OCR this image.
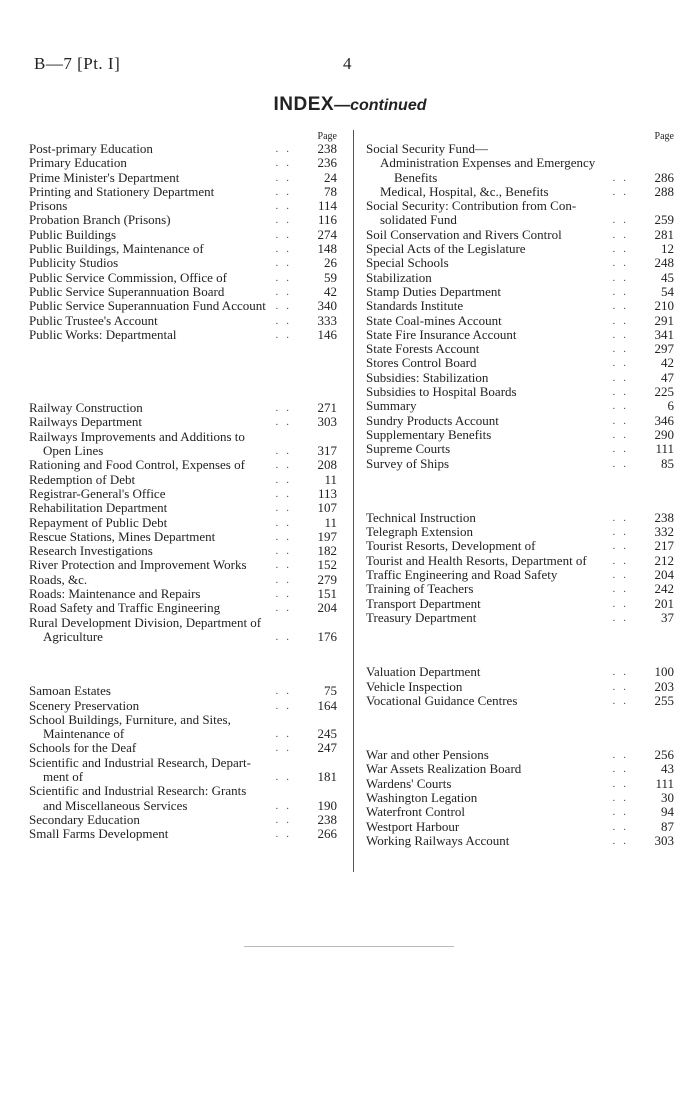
B—7 [Pt. I]	4
INDEX—continued
Page
Post-primary Education	..	238
Primary Education	..	236
Prime Minister's Department	..	24
Printing and Stationery Department	..	78
Prisons	..	114
Probation Branch (Prisons)	..	116
Public Buildings	..	274
Public Buildings, Maintenance of	..	148
Publicity Studios	..	26
Public Service Commission, Office of	..	59
Public Service Superannuation Board	..	42
Public Service Superannuation Fund Account ..	340
Public Trustee's Account	..	333
Public Works: Departmental	..	146
Railway Construction	..	271
Railways Department	..	303
Railways Improvements and Additions to
Open Lines	..	317
Rationing and Food Control, Expenses of	..	208
Redemption of Debt	..	11
Registrar-General's Office	..	113
Rehabilitation Department	..	107
Repayment of Public Debt	..	11
Rescue Stations, Mines Department	..	197
Research Investigations	..	182
River Protection and Improvement Works	..	152
Roads, &c.	..	279
Roads: Maintenance and Repairs	..	151
Road Safety and Traffic Engineering	..	204
Rural Development Division, Department of
Agriculture	..	176
Samoan Estates	..	75
Scenery Preservation	..	164
School Buildings, Furniture, and Sites,
Maintenance of	..	245
Schools for the Deaf	..	247
Scientific and Industrial Research, Depart-
ment of	..	181
Scientific and Industrial Research: Grants
and Miscellaneous Services	..	190
Secondary Education	..	238
Small Farms Development	..	266
Page
Social Security Fund—
Administration Expenses and Emergency
Benefits	..	286
Medical, Hospital, &c., Benefits	..	288
Social Security: Contribution from Con-
solidated Fund	..	259
Soil Conservation and Rivers Control	..	281
Special Acts of the Legislature	..	12
Special Schools	..	248
Stabilization	..	45
Stamp Duties Department	..	54
Standards Institute	..	210
State Coal-mines Account	..	291
State Fire Insurance Account	..	341
State Forests Account	..	297
Stores Control Board	..	42
Subsidies: Stabilization	..	47
Subsidies to Hospital Boards	..	225
Summary	..	6
Sundry Products Account	..	346
Supplementary Benefits	..	290
Supreme Courts	..	111
Survey of Ships	..	85
Technical Instruction	..	238
Telegraph Extension	..	332
Tourist Resorts, Development of	..	217
Tourist and Health Resorts, Department of	..	212
Traffic Engineering and Road Safety	..	204
Training of Teachers	..	242
Transport Department	..	201
Treasury Department	..	37
Valuation Department	..	100
Vehicle Inspection	..	203
Vocational Guidance Centres	..	255
War and other Pensions	..	256
War Assets Realization Board	..	43
Wardens' Courts	..	111
Washington Legation	..	30
Waterfront Control	..	94
Westport Harbour	..	87
Working Railways Account	..	303
